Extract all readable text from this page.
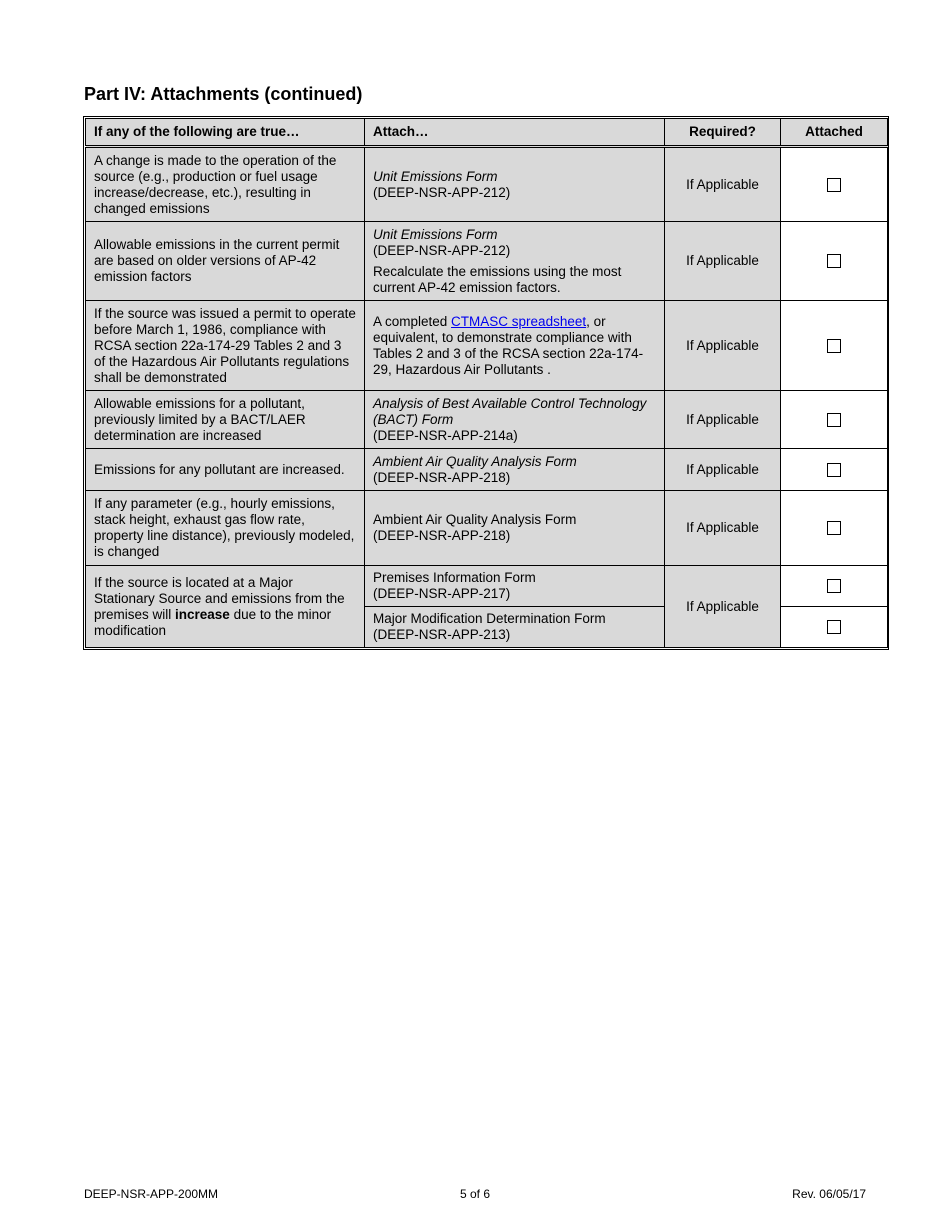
Part IV: Attachments (continued)
If any of the following are true…	Attach…	Required?	Attached
A change is made to the operation of the source (e.g., production or fuel usage increase/decrease, etc.), resulting in changed emissions	Unit Emissions Form
(DEEP-NSR-APP-212)	If Applicable	
Allowable emissions in the current permit are based on older versions of AP-42 emission factors	Unit Emissions Form
(DEEP-NSR-APP-212)
Recalculate the emissions using the most current AP-42 emission factors.	If Applicable	
If the source was issued a permit to operate before March 1, 1986, compliance with RCSA section 22a-174-29 Tables 2 and 3 of the Hazardous Air Pollutants regulations shall be demonstrated	A completed CTMASC spreadsheet, or equivalent, to demonstrate compliance with Tables 2 and 3 of the RCSA section 22a-174-29, Hazardous Air Pollutants .	If Applicable	
Allowable emissions for a pollutant, previously limited by a BACT/LAER determination are increased	Analysis of Best Available Control Technology (BACT) Form
(DEEP-NSR-APP-214a)	If Applicable	
Emissions for any pollutant are increased.	Ambient Air Quality Analysis Form
(DEEP-NSR-APP-218)	If Applicable	
If any parameter (e.g., hourly emissions, stack height, exhaust gas flow rate, property line distance), previously modeled, is changed	Ambient Air Quality Analysis Form
(DEEP-NSR-APP-218)	If Applicable	
If the source is located at a Major Stationary Source and emissions from the premises will increase due to the minor modification	Premises Information Form
(DEEP-NSR-APP-217)	If Applicable	

	Major Modification Determination Form
(DEEP-NSR-APP-213)		

DEEP-NSR-APP-200MM	5 of 6	Rev. 06/05/17
